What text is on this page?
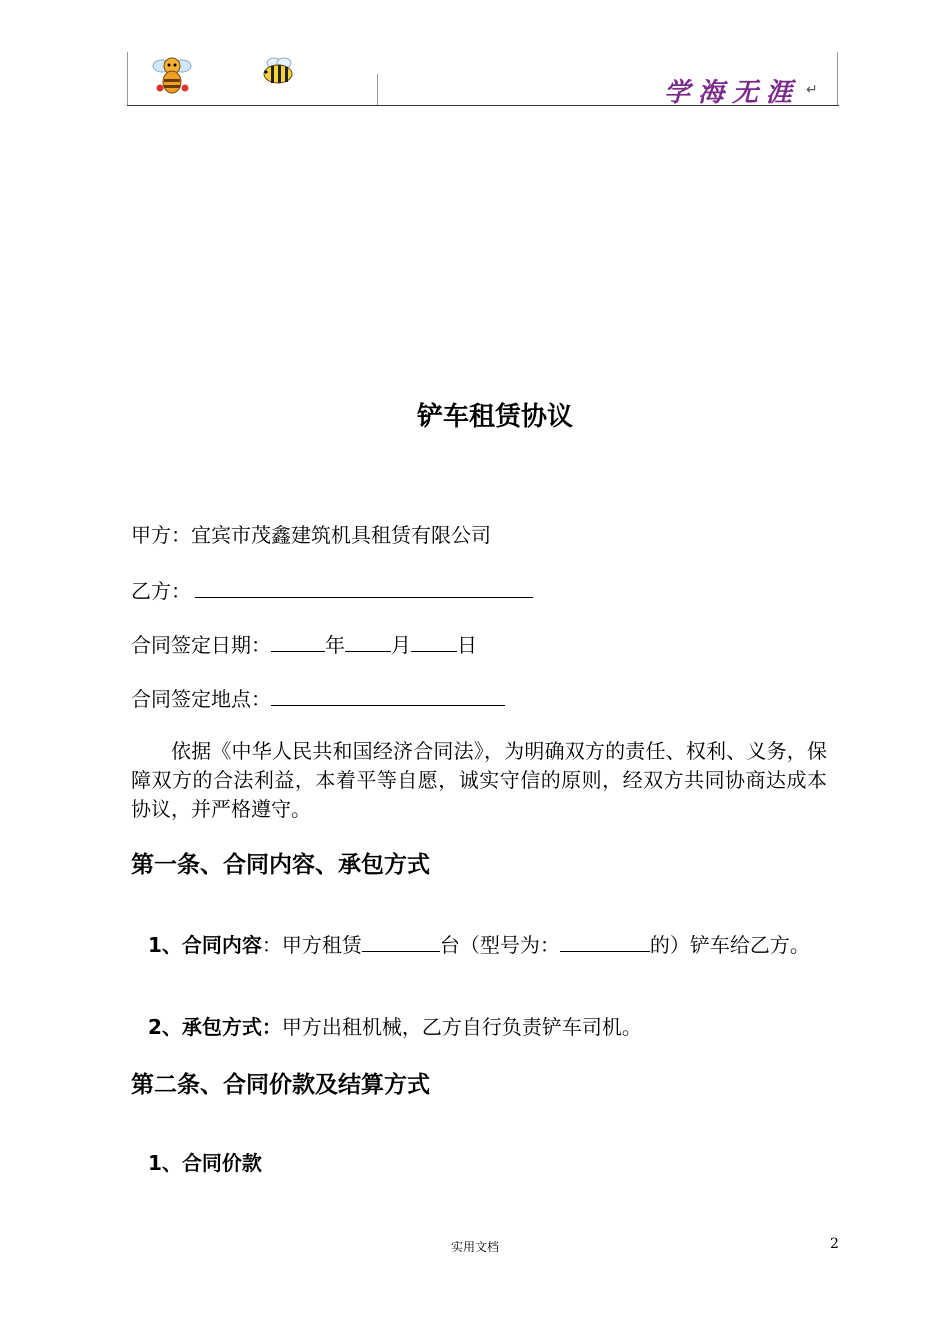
学海无涯 ↵
铲车租赁协议
甲方：宜宾市茂鑫建筑机具租赁有限公司
乙方：
合同签定日期：	年 月 日
合同签定地点：
依据《中华人民共和国经济合同法》，为明确双方的责任、权利、义务，保障双方的合法利益，本着平等自愿，诚实守信的原则，经双方共同协商达成本协议，并严格遵守。
第一条、合同内容、承包方式
1、合同内容：甲方租赁	台（型号为：	的）铲车给乙方。
2、承包方式：甲方出租机械，乙方自行负责铲车司机。
第二条、合同价款及结算方式
1、合同价款
实用文档	2
